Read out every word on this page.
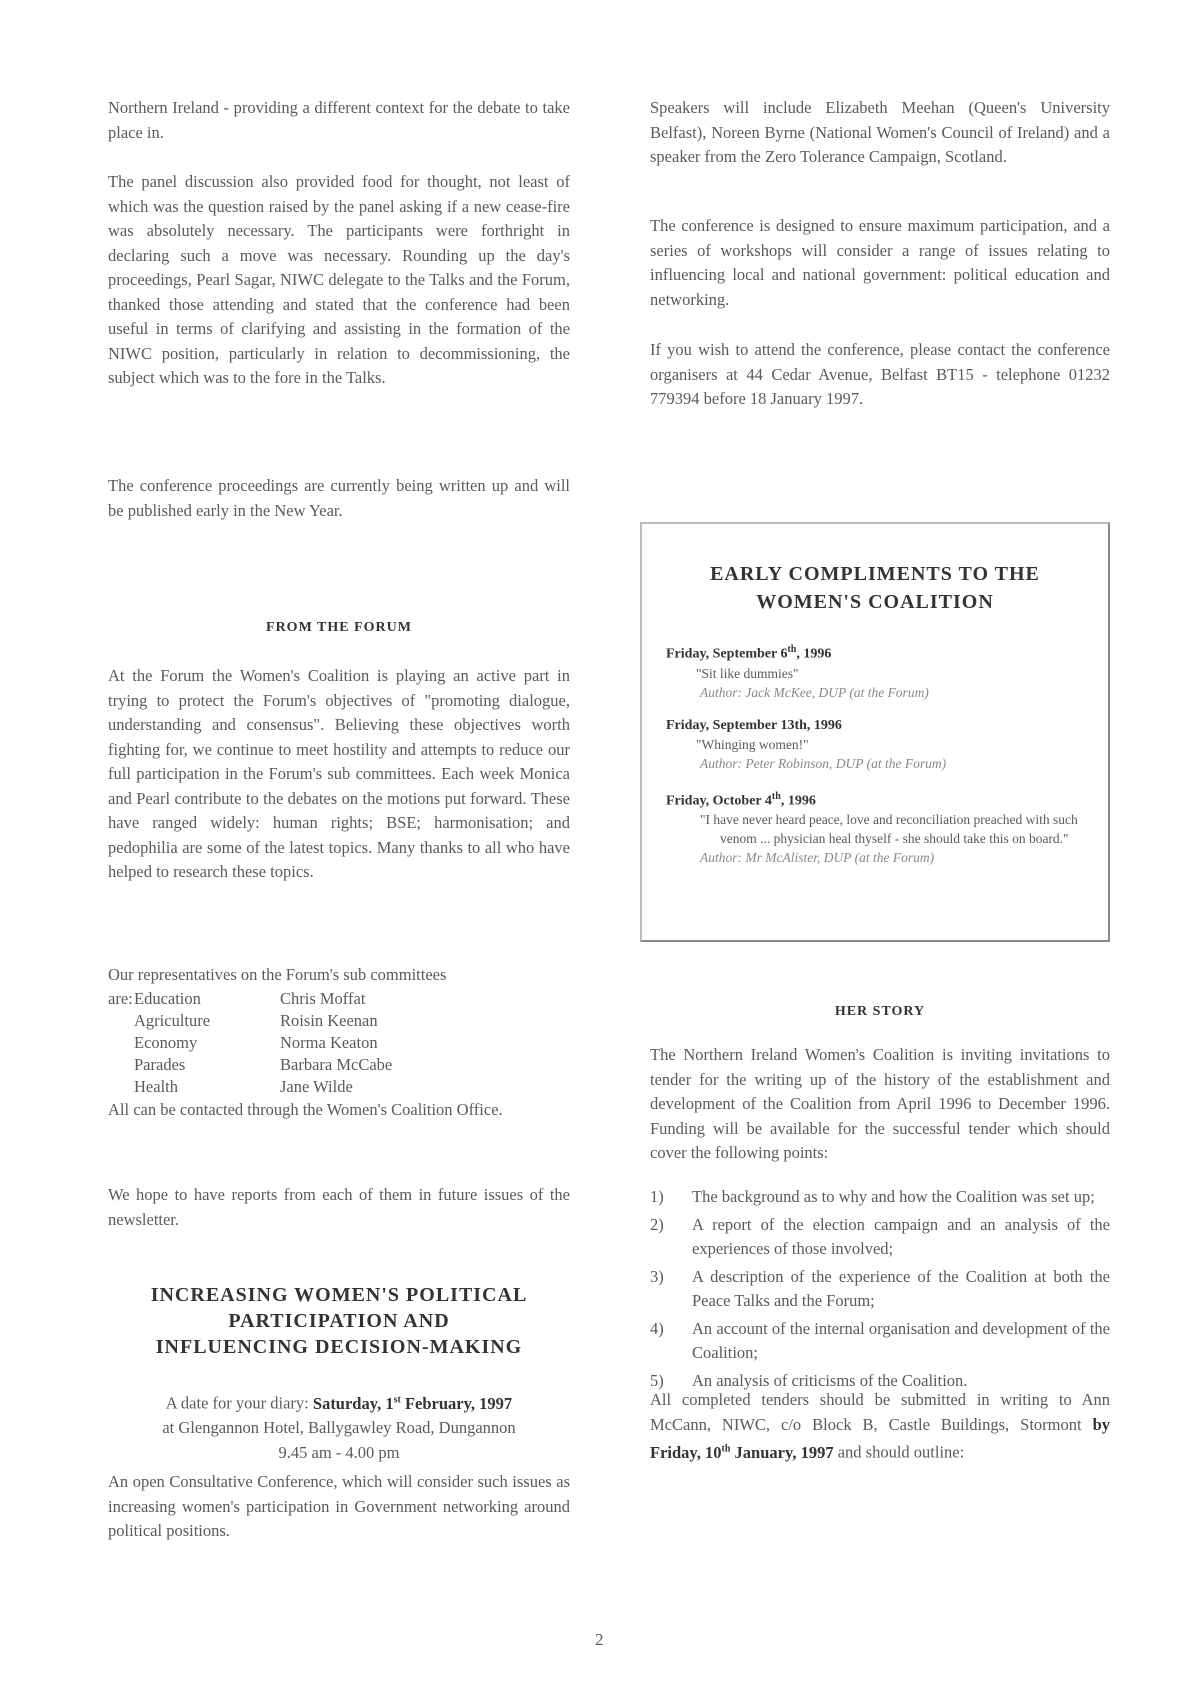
Northern Ireland - providing a different context for the debate to take place in.
The panel discussion also provided food for thought, not least of which was the question raised by the panel asking if a new cease-fire was absolutely necessary. The participants were forthright in declaring such a move was necessary. Rounding up the day's proceedings, Pearl Sagar, NIWC delegate to the Talks and the Forum, thanked those attending and stated that the conference had been useful in terms of clarifying and assisting in the formation of the NIWC position, particularly in relation to decommissioning, the subject which was to the fore in the Talks.
The conference proceedings are currently being written up and will be published early in the New Year.
FROM THE FORUM
At the Forum the Women's Coalition is playing an active part in trying to protect the Forum's objectives of "promoting dialogue, understanding and consensus". Believing these objectives worth fighting for, we continue to meet hostility and attempts to reduce our full participation in the Forum's sub committees. Each week Monica and Pearl contribute to the debates on the motions put forward. These have ranged widely: human rights; BSE; harmonisation; and pedophilia are some of the latest topics. Many thanks to all who have helped to research these topics.
Our representatives on the Forum's sub committees
are:	Education	Chris Moffat
	Agriculture	Roisin Keenan
	Economy	Norma Keaton
	Parades	Barbara McCabe
	Health	Jane Wilde
All can be contacted through the Women's Coalition Office.
We hope to have reports from each of them in future issues of the newsletter.
INCREASING WOMEN'S POLITICAL
PARTICIPATION AND
INFLUENCING DECISION-MAKING
A date for your diary: Saturday, 1st February, 1997
at Glengannon Hotel, Ballygawley Road, Dungannon
9.45 am - 4.00 pm
An open Consultative Conference, which will consider such issues as increasing women's participation in Government networking around political positions.
Speakers will include Elizabeth Meehan (Queen's University Belfast), Noreen Byrne (National Women's Council of Ireland) and a speaker from the Zero Tolerance Campaign, Scotland.
The conference is designed to ensure maximum participation, and a series of workshops will consider a range of issues relating to influencing local and national government: political education and networking.
If you wish to attend the conference, please contact the conference organisers at 44 Cedar Avenue, Belfast BT15 - telephone 01232 779394 before 18 January 1997.
EARLY COMPLIMENTS TO THE
WOMEN'S COALITION
Friday, September 6th, 1996
"Sit like dummies"
Author: Jack McKee, DUP (at the Forum)
Friday, September 13th, 1996
"Whinging women!"
Author: Peter Robinson, DUP (at the Forum)
Friday, October 4th, 1996
"I have never heard peace, love and reconciliation preached with such venom ... physician heal thyself - she should take this on board."
Author: Mr McAlister, DUP (at the Forum)
HER STORY
The Northern Ireland Women's Coalition is inviting invitations to tender for the writing up of the history of the establishment and development of the Coalition from April 1996 to December 1996. Funding will be available for the successful tender which should cover the following points:
1)	The background as to why and how the Coalition was set up;
2)	A report of the election campaign and an analysis of the experiences of those involved;
3)	A description of the experience of the Coalition at both the Peace Talks and the Forum;
4)	An account of the internal organisation and development of the Coalition;
5)	An analysis of criticisms of the Coalition.
All completed tenders should be submitted in writing to Ann McCann, NIWC, c/o Block B, Castle Buildings, Stormont by Friday, 10th January, 1997 and should outline:
2
